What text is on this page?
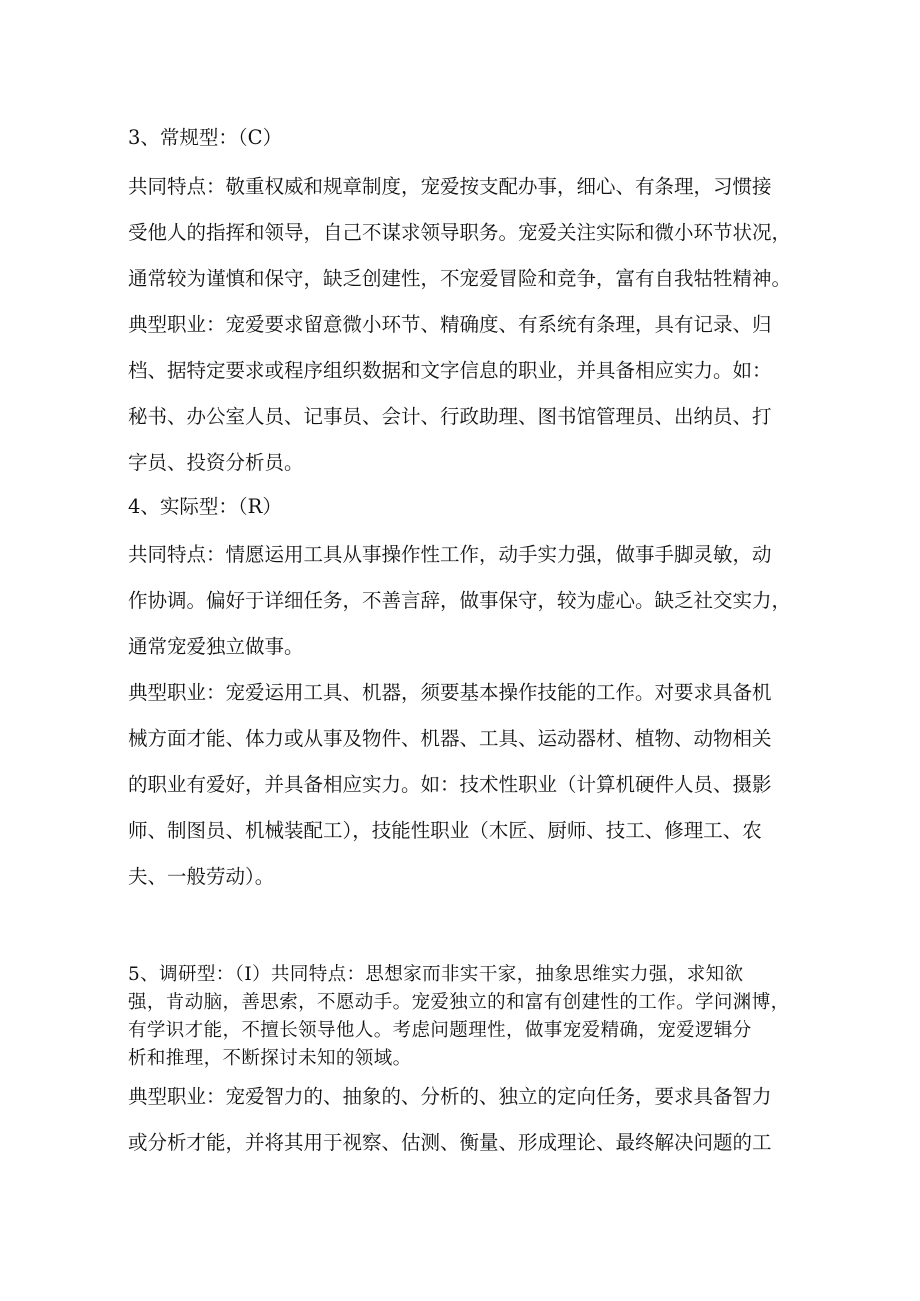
3、常规型：（C）
共同特点：敬重权威和规章制度，宠爱按支配办事，细心、有条理，习惯接
受他人的指挥和领导，自己不谋求领导职务。宠爱关注实际和微小环节状况，
通常较为谨慎和保守，缺乏创建性，不宠爱冒险和竞争，富有自我牯牲精神。
典型职业：宠爱要求留意微小环节、精确度、有系统有条理，具有记录、归
档、据特定要求或程序组织数据和文字信息的职业，并具备相应实力。如：
秘书、办公室人员、记事员、会计、行政助理、图书馆管理员、出纳员、打
字员、投资分析员。
4、实际型：（R）
共同特点：情愿运用工具从事操作性工作，动手实力强，做事手脚灵敏，动
作协调。偏好于详细任务，不善言辞，做事保守，较为虚心。缺乏社交实力，
通常宠爱独立做事。
典型职业：宠爱运用工具、机器，须要基本操作技能的工作。对要求具备机
械方面才能、体力或从事及物件、机器、工具、运动器材、植物、动物相关
的职业有爱好，并具备相应实力。如：技术性职业（计算机硬件人员、摄影
师、制图员、机械装配工），技能性职业（木匠、厨师、技工、修理工、农
夫、一般劳动）。
5、调研型：（I）共同特点：思想家而非实干家，抽象思维实力强，求知欲
强，肯动脑，善思索，不愿动手。宠爱独立的和富有创建性的工作。学问渊博，
有学识才能，不擅长领导他人。考虑问题理性，做事宠爱精确，宠爱逻辑分
析和推理，不断探讨未知的领域。
典型职业：宠爱智力的、抽象的、分析的、独立的定向任务，要求具备智力
或分析才能，并将其用于视察、估测、衡量、形成理论、最终解决问题的工
